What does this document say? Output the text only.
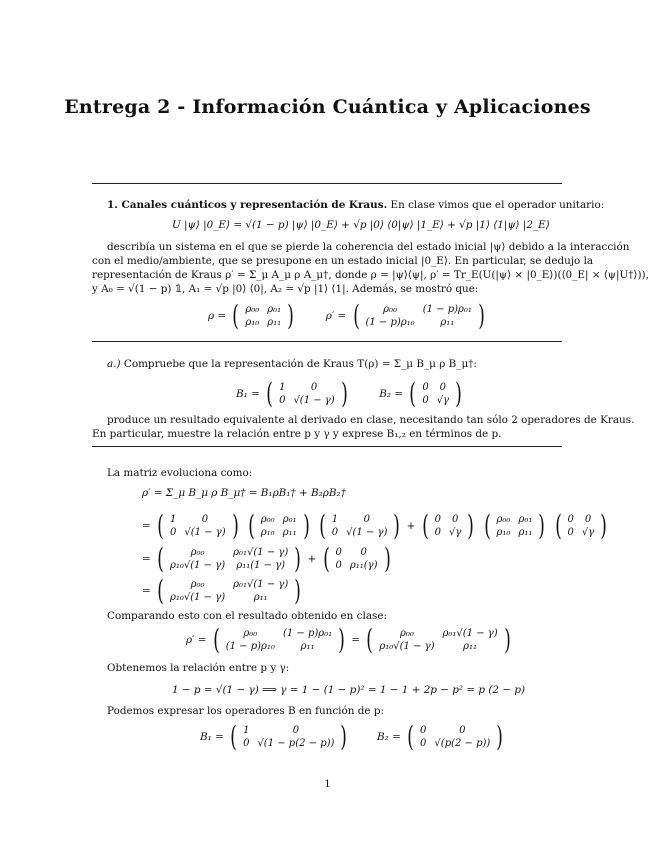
Entrega 2 - Información Cuántica y Aplicaciones
1. Canales cuánticos y representación de Kraus. En clase vimos que el operador unitario:
U |ψ⟩ |0_E⟩ = √(1 − p) |ψ⟩ |0_E⟩ + √p |0⟩ ⟨0|ψ⟩ |1_E⟩ + √p |1⟩ ⟨1|ψ⟩ |2_E⟩
describía un sistema en el que se pierde la coherencia del estado inicial |ψ⟩ debido a la interacción
con el medio/ambiente, que se presupone en un estado inicial |0_E⟩. En particular, se dedujo la
representación de Kraus ρ′ = Σ_μ A_μ ρ A_μ†, donde ρ = |ψ⟩⟨ψ|, ρ′ = Tr_E(U(|ψ⟩ × |0_E⟩)(⟨0_E| × ⟨ψ|U†⟩)),
y A₀ = √(1 − p) 𝟙, A₁ = √p |0⟩ ⟨0|, A₂ = √p |1⟩ ⟨1|. Además, se mostró que:
ρ = ( ρ₀₀	ρ₀₁
ρ₁₀	ρ₁₁ )	ρ′ = ( ρ₀₀	(1 − p)ρ₀₁
(1 − p)ρ₁₀	ρ₁₁ )
a.) Compruebe que la representación de Kraus T(ρ) = Σ_μ B_μ ρ B_μ†:
B₁ = ( 1	0
0	√(1 − γ) )	B₂ = ( 0	0
0	√γ )
produce un resultado equivalente al derivado en clase, necesitando tan sólo 2 operadores de Kraus.
En particular, muestre la relación entre p y γ y exprese B₁,₂ en términos de p.
La matriz evoluciona como:
ρ′ = Σ_μ B_μ ρ B_μ† = B₁ρB₁† + B₂ρB₂†
= ( 1	0
0	√(1 − γ) )
( ρ₀₀	ρ₀₁
ρ₁₀	ρ₁₁ )
( 1	0
0	√(1 − γ) ) + ( 0	0
0	√γ )
( ρ₀₀	ρ₀₁
ρ₁₀	ρ₁₁ )
( 0	0
0	√γ )
= (	ρ₀₀	ρ₀₁√(1 − γ)
ρ₁₀√(1 − γ)	ρ₁₁(1 − γ) ) + ( 0	0
0	ρ₁₁(γ) )
= (	ρ₀₀	ρ₀₁√(1 − γ)
ρ₁₀√(1 − γ)	ρ₁₁ )
Comparando esto con el resultado obtenido en clase:
ρ′ = ( ρ₀₀	(1 − p)ρ₀₁
(1 − p)ρ₁₀	ρ₁₁ ) = (	ρ₀₀	ρ₀₁√(1 − γ)
ρ₁₀√(1 − γ)	ρ₁₁ )
Obtenemos la relación entre p y γ:
1 − p = √(1 − γ) ⟹ γ = 1 − (1 − p)² = 1 − 1 + 2p − p² = p (2 − p)
Podemos expresar los operadores B en función de p:
B₁ = ( 1	0
0	√(1 − p(2 − p)) )	B₂ = ( 0	0
0	√(p(2 − p)) )
1
